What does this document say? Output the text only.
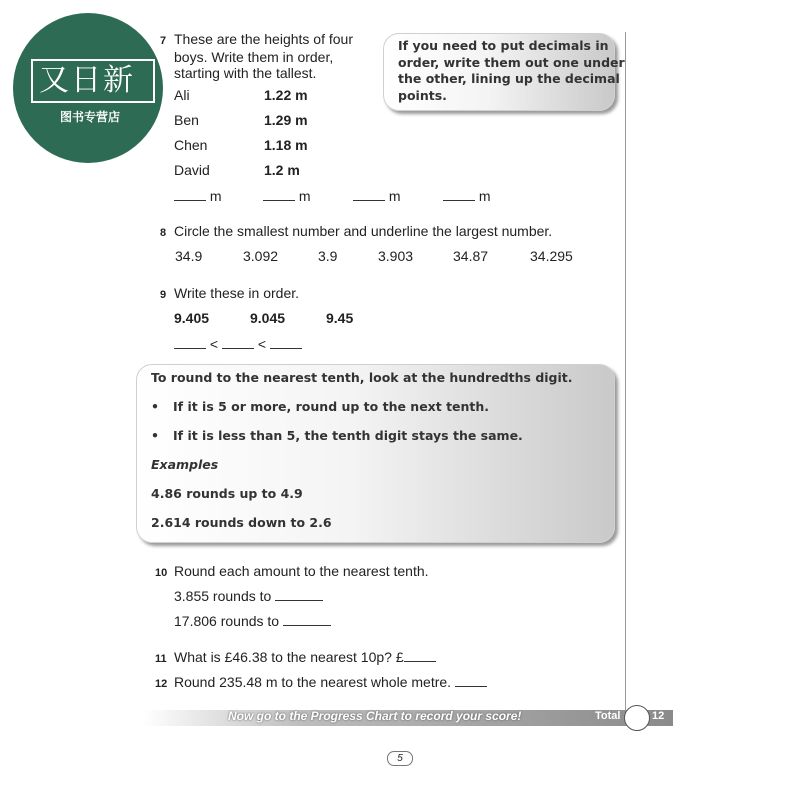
又日新
图书专营店
7 These are the heights of four
boys. Write them in order,
starting with the tallest.
Ali	1.22 m
Ben	1.29 m
Chen	1.18 m
David	1.2 m
m	m	m	m
If you need to put decimals in
order, write them out one under
the other, lining up the decimal
points.
8 Circle the smallest number and underline the largest number.
34.9	3.092	3.9	3.903	34.87	34.295
9 Write these in order.
9.405	9.045	9.45
<	<
To round to the nearest tenth, look at the hundredths digit.
• If it is 5 or more, round up to the next tenth.
• If it is less than 5, the tenth digit stays the same.
Examples
4.86 rounds up to 4.9
2.614 rounds down to 2.6
10 Round each amount to the nearest tenth.
3.855 rounds to
17.806 rounds to
11 What is £46.38 to the nearest 10p? £
12 Round 235.48 m to the nearest whole metre.
Now go to the Progress Chart to record your score!	Total	12
5
